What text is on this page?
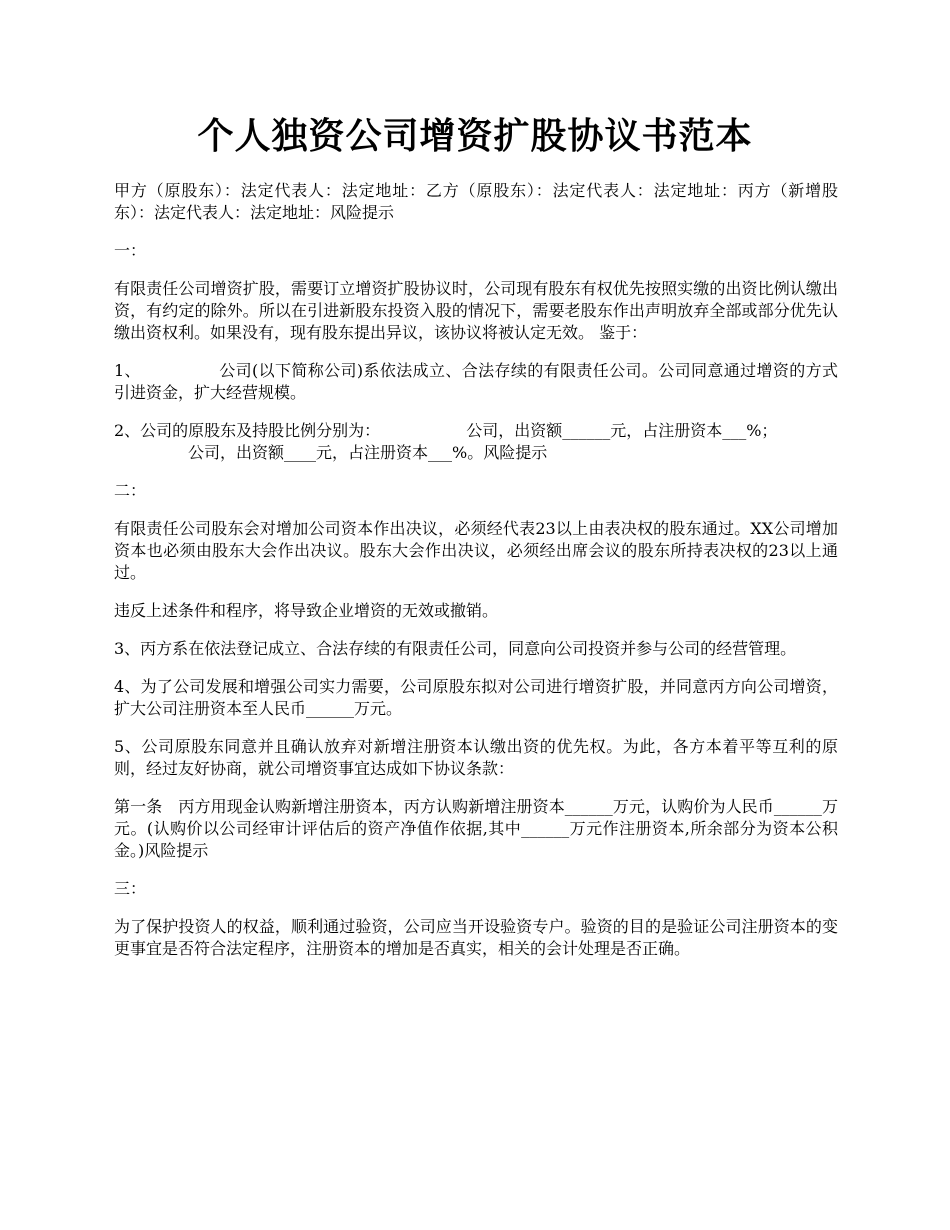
个人独资公司增资扩股协议书范本

甲方（原股东）：法定代表人：法定地址：乙方（原股东）：法定代表人：法定地址：丙方（新增股东）：法定代表人：法定地址：风险提示

一：

有限责任公司增资扩股，需要订立增资扩股协议时，公司现有股东有权优先按照实缴的出资比例认缴出资，有约定的除外。所以在引进新股东投资入股的情况下，需要老股东作出声明放弃全部或部分优先认缴出资权利。如果没有，现有股东提出异议，该协议将被认定无效。 鉴于：

1、	公司(以下简称公司)系依法成立、合法存续的有限责任公司。公司同意通过增资的方式引进资金，扩大经营规模。

2、公司的原股东及持股比例分别为：	公司，出资额______元，占注册资本___%；
公司，出资额____元，占注册资本___%。风险提示

二：

有限责任公司股东会对增加公司资本作出决议，必须经代表23以上由表决权的股东通过。XX公司增加资本也必须由股东大会作出决议。股东大会作出决议，必须经出席会议的股东所持表决权的23以上通过。

违反上述条件和程序，将导致企业增资的无效或撤销。

3、丙方系在依法登记成立、合法存续的有限责任公司，同意向公司投资并参与公司的经营管理。

4、为了公司发展和增强公司实力需要，公司原股东拟对公司进行增资扩股，并同意丙方向公司增资，扩大公司注册资本至人民币______万元。

5、公司原股东同意并且确认放弃对新增注册资本认缴出资的优先权。为此，各方本着平等互利的原则，经过友好协商，就公司增资事宜达成如下协议条款：

第一条　丙方用现金认购新增注册资本，丙方认购新增注册资本______万元，认购价为人民币______万元。(认购价以公司经审计评估后的资产净值作依据,其中______万元作注册资本,所余部分为资本公积金。)风险提示

三：

为了保护投资人的权益，顺利通过验资，公司应当开设验资专户。验资的目的是验证公司注册资本的变更事宜是否符合法定程序，注册资本的增加是否真实，相关的会计处理是否正确。
